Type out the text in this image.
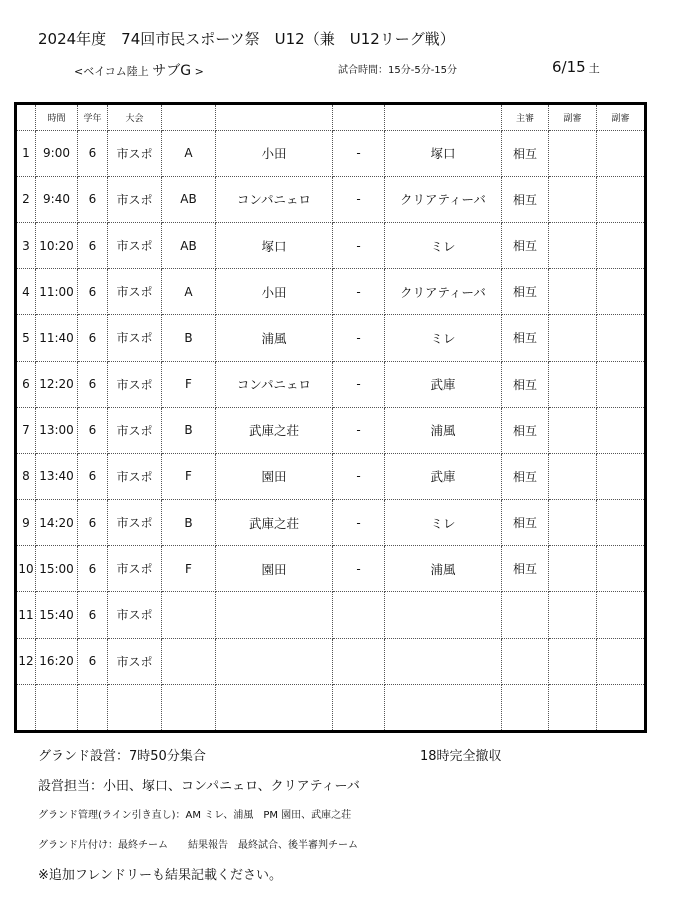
2024年度　74回市民スポーツ祭　U12（兼　U12リーグ戦）
<ベイコム陸上 サブG >	試合時間：15分-5分-15分	6/15 土
	時間	学年	大会					主審	副審	副審
1	9:00	6	市スポ	A	小田	-	塚口	相互		
2	9:40	6	市スポ	AB	コンパニェロ	-	クリアティーバ	相互		
3	10:20	6	市スポ	AB	塚口	-	ミレ	相互		
4	11:00	6	市スポ	A	小田	-	クリアティーバ	相互		
5	11:40	6	市スポ	B	浦風	-	ミレ	相互		
6	12:20	6	市スポ	F	コンパニェロ	-	武庫	相互		
7	13:00	6	市スポ	B	武庫之荘	-	浦風	相互		
8	13:40	6	市スポ	F	園田	-	武庫	相互		
9	14:20	6	市スポ	B	武庫之荘	-	ミレ	相互		
10	15:00	6	市スポ	F	園田	-	浦風	相互		
11	15:40	6	市スポ							
12	16:20	6	市スポ							

グランド設営：7時50分集合	18時完全撤収
設営担当：小田、塚口、コンパニェロ、クリアティーバ
グランド管理(ライン引き直し)：AM ミレ、浦風　PM 園田、武庫之荘
グランド片付け：最終チーム　　結果報告　最終試合、後半審判チーム
※追加フレンドリーも結果記載ください。
